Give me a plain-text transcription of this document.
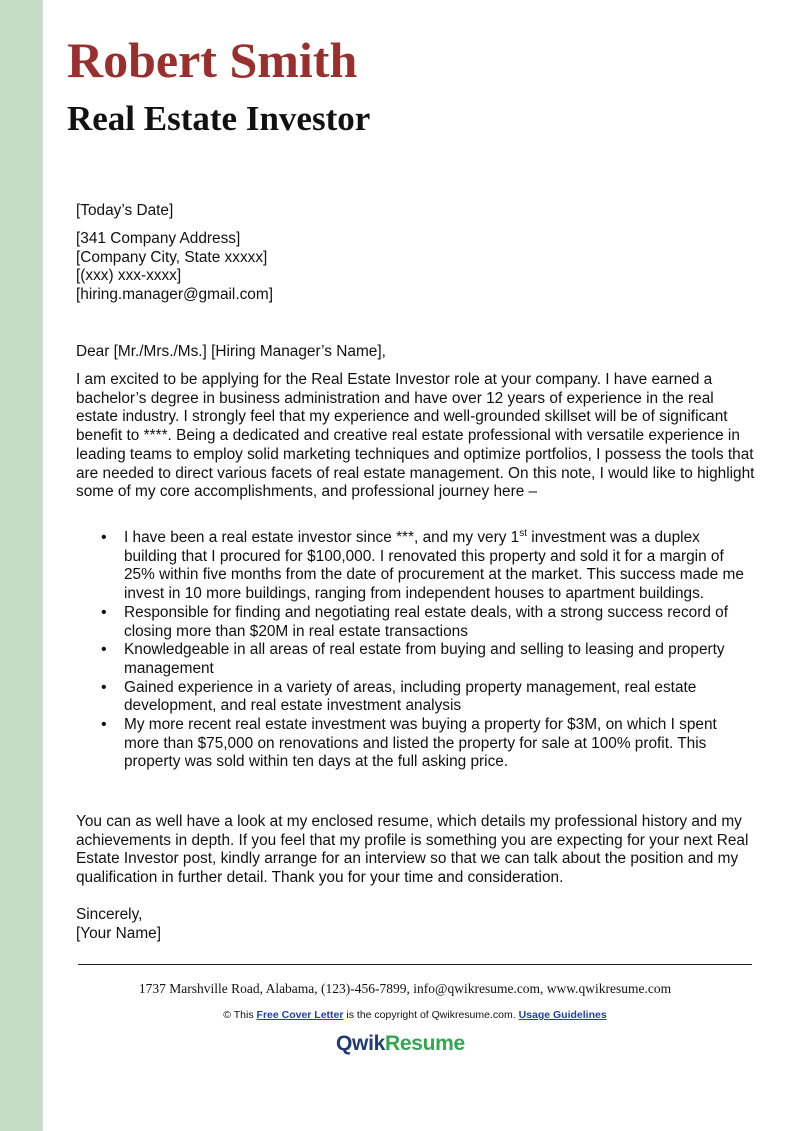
Robert Smith
Real Estate Investor

[Today’s Date]

[341 Company Address]

[Company City, State xxxxx]

[(xxx) xxx-xxxx]

[hiring.manager@gmail.com]

Dear [Mr./Mrs./Ms.] [Hiring Manager’s Name],

I am excited to be applying for the Real Estate Investor role at your company. I have earned a bachelor’s degree in business administration and have over 12 years of experience in the real estate industry. I strongly feel that my experience and well-grounded skillset will be of significant benefit to ****. Being a dedicated and creative real estate professional with versatile experience in leading teams to employ solid marketing techniques and optimize portfolios, I possess the tools that are needed to direct various facets of real estate management. On this note, I would like to highlight some of my core accomplishments, and professional journey here –

• I have been a real estate investor since ***, and my very 1st investment was a duplex building that I procured for $100,000. I renovated this property and sold it for a margin of 25% within five months from the date of procurement at the market. This success made me invest in 10 more buildings, ranging from independent houses to apartment buildings.
• Responsible for finding and negotiating real estate deals, with a strong success record of closing more than $20M in real estate transactions
• Knowledgeable in all areas of real estate from buying and selling to leasing and property management
• Gained experience in a variety of areas, including property management, real estate development, and real estate investment analysis
• My more recent real estate investment was buying a property for $3M, on which I spent more than $75,000 on renovations and listed the property for sale at 100% profit. This property was sold within ten days at the full asking price.

You can as well have a look at my enclosed resume, which details my professional history and my achievements in depth. If you feel that my profile is something you are expecting for your next Real Estate Investor post, kindly arrange for an interview so that we can talk about the position and my qualification in further detail. Thank you for your time and consideration.

Sincerely,

[Your Name]

1737 Marshville Road, Alabama, (123)-456-7899, info@qwikresume.com, www.qwikresume.com
© This Free Cover Letter is the copyright of Qwikresume.com. Usage Guidelines
QwikResume
